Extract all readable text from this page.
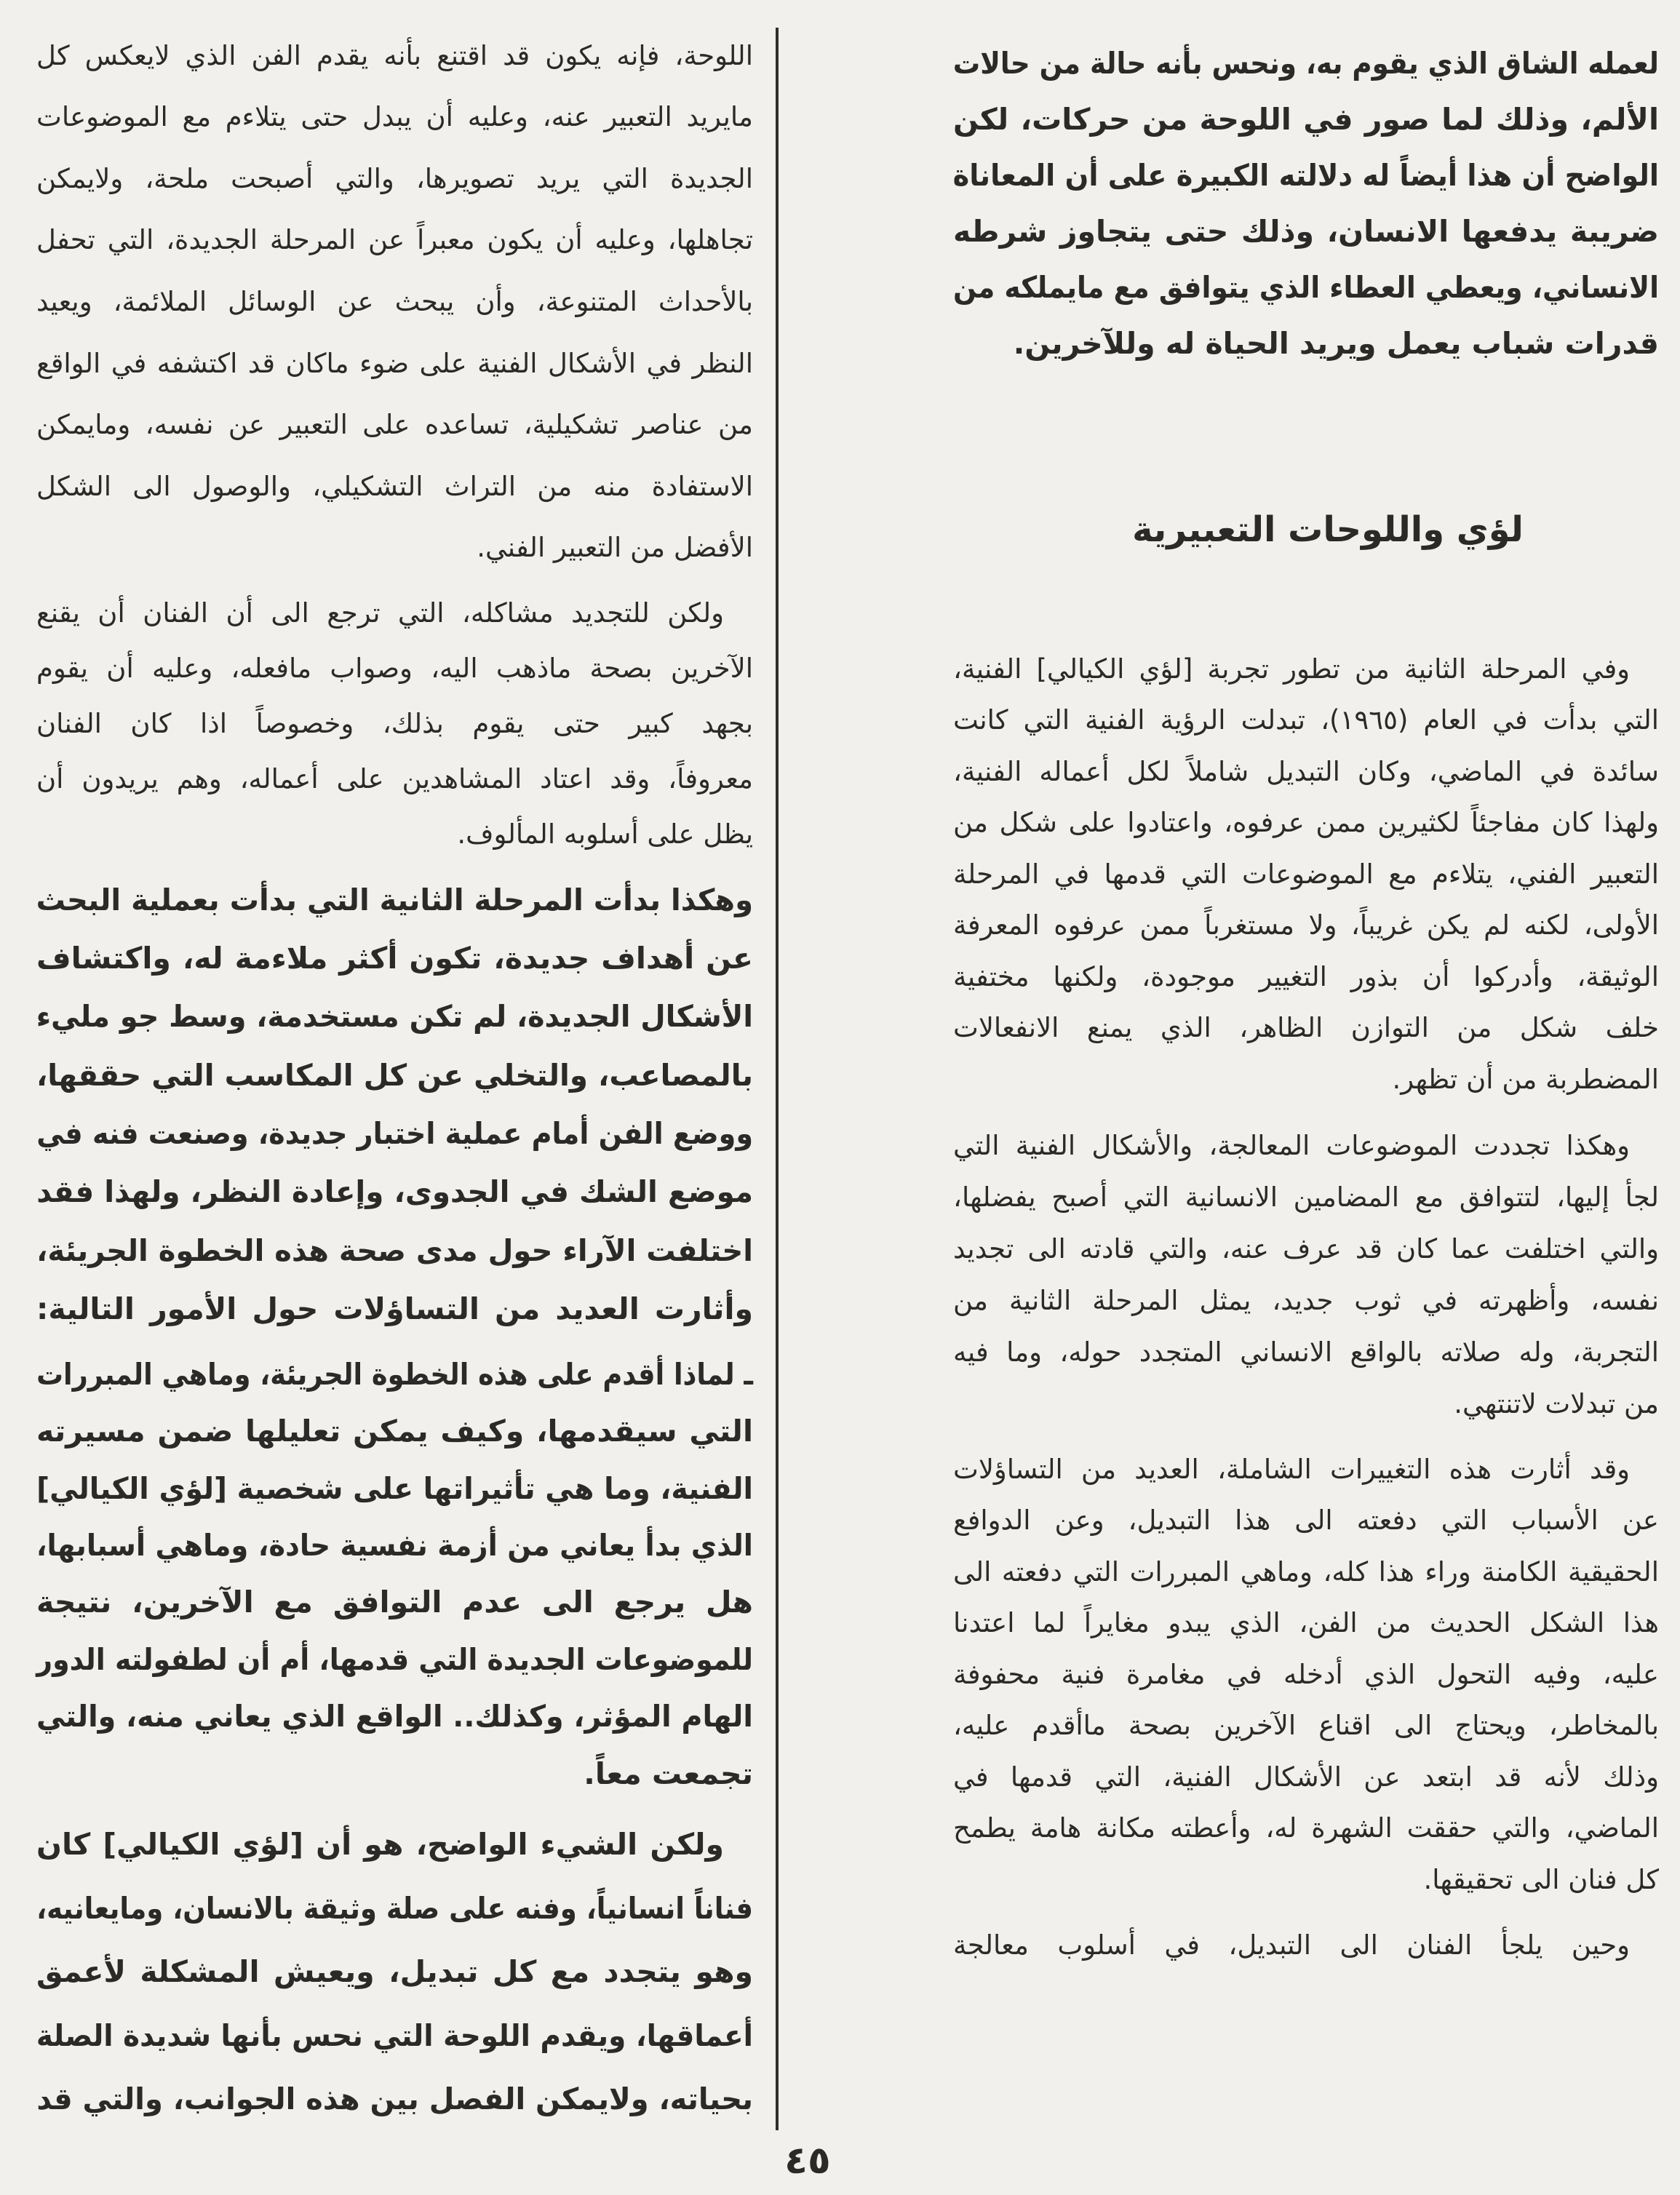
لؤي واللوحات التعبيرية
٤٥
لعمله الشاق الذي يقوم به، ونحس بأنه حالة من حالات
الألم، وذلك لما صور في اللوحة من حركات، لكن
الواضح أن هذا أيضاً له دلالته الكبيرة على أن المعاناة
ضريبة يدفعها الانسان، وذلك حتى يتجاوز شرطه
الانساني، ويعطي العطاء الذي يتوافق مع مايملكه من
قدرات شباب يعمل ويريد الحياة له وللآخرين.
وفي المرحلة الثانية من تطور تجربة [لؤي الكيالي] الفنية،
التي بدأت في العام (١٩٦٥)، تبدلت الرؤية الفنية التي كانت
سائدة في الماضي، وكان التبديل شاملاً لكل أعماله الفنية،
ولهذا كان مفاجئاً لكثيرين ممن عرفوه، واعتادوا على شكل من
التعبير الفني، يتلاءم مع الموضوعات التي قدمها في المرحلة
الأولى، لكنه لم يكن غريباً، ولا مستغرباً ممن عرفوه المعرفة
الوثيقة، وأدركوا أن بذور التغيير موجودة، ولكنها مختفية
خلف شكل من التوازن الظاهر، الذي يمنع الانفعالات
المضطربة من أن تظهر.
وهكذا تجددت الموضوعات المعالجة، والأشكال الفنية التي
لجأ إليها، لتتوافق مع المضامين الانسانية التي أصبح يفضلها،
والتي اختلفت عما كان قد عرف عنه، والتي قادته الى تجديد
نفسه، وأظهرته في ثوب جديد، يمثل المرحلة الثانية من
التجربة، وله صلاته بالواقع الانساني المتجدد حوله، وما فيه
من تبدلات لاتنتهي.
وقد أثارت هذه التغييرات الشاملة، العديد من التساؤلات
عن الأسباب التي دفعته الى هذا التبديل، وعن الدوافع
الحقيقية الكامنة وراء هذا كله، وماهي المبررات التي دفعته الى
هذا الشكل الحديث من الفن، الذي يبدو مغايراً لما اعتدنا
عليه، وفيه التحول الذي أدخله في مغامرة فنية محفوفة
بالمخاطر، ويحتاج الى اقناع الآخرين بصحة ماأقدم عليه،
وذلك لأنه قد ابتعد عن الأشكال الفنية، التي قدمها في
الماضي، والتي حققت الشهرة له، وأعطته مكانة هامة يطمح
كل فنان الى تحقيقها.
وحين يلجأ الفنان الى التبديل، في أسلوب معالجة
اللوحة، فإنه يكون قد اقتنع بأنه يقدم الفن الذي لايعكس كل
مايريد التعبير عنه، وعليه أن يبدل حتى يتلاءم مع الموضوعات
الجديدة التي يريد تصويرها، والتي أصبحت ملحة، ولايمكن
تجاهلها، وعليه أن يكون معبراً عن المرحلة الجديدة، التي تحفل
بالأحداث المتنوعة، وأن يبحث عن الوسائل الملائمة، ويعيد
النظر في الأشكال الفنية على ضوء ماكان قد اكتشفه في الواقع
من عناصر تشكيلية، تساعده على التعبير عن نفسه، ومايمكن
الاستفادة منه من التراث التشكيلي، والوصول الى الشكل
الأفضل من التعبير الفني.
ولكن للتجديد مشاكله، التي ترجع الى أن الفنان أن يقنع
الآخرين بصحة ماذهب اليه، وصواب مافعله، وعليه أن يقوم
بجهد كبير حتى يقوم بذلك، وخصوصاً اذا كان الفنان
معروفاً، وقد اعتاد المشاهدين على أعماله، وهم يريدون أن
يظل على أسلوبه المألوف.
وهكذا بدأت المرحلة الثانية التي بدأت بعملية البحث
عن أهداف جديدة، تكون أكثر ملاءمة له، واكتشاف
الأشكال الجديدة، لم تكن مستخدمة، وسط جو مليء
بالمصاعب، والتخلي عن كل المكاسب التي حققها،
ووضع الفن أمام عملية اختبار جديدة، وصنعت فنه في
موضع الشك في الجدوى، وإعادة النظر، ولهذا فقد
اختلفت الآراء حول مدى صحة هذه الخطوة الجريئة،
وأثارت العديد من التساؤلات حول الأمور التالية:
ـ لماذا أقدم على هذه الخطوة الجريئة، وماهي المبررات
التي سيقدمها، وكيف يمكن تعليلها ضمن مسيرته
الفنية، وما هي تأثيراتها على شخصية [لؤي الكيالي]
الذي بدأ يعاني من أزمة نفسية حادة، وماهي أسبابها،
هل يرجع الى عدم التوافق مع الآخرين، نتيجة
للموضوعات الجديدة التي قدمها، أم أن لطفولته الدور
الهام المؤثر، وكذلك.. الواقع الذي يعاني منه، والتي
تجمعت معاً.
ولكن الشيء الواضح، هو أن [لؤي الكيالي] كان
فناناً انسانياً، وفنه على صلة وثيقة بالانسان، ومايعانيه،
وهو يتجدد مع كل تبديل، ويعيش المشكلة لأعمق
أعماقها، ويقدم اللوحة التي نحس بأنها شديدة الصلة
بحياته، ولايمكن الفصل بين هذه الجوانب، والتي قد
